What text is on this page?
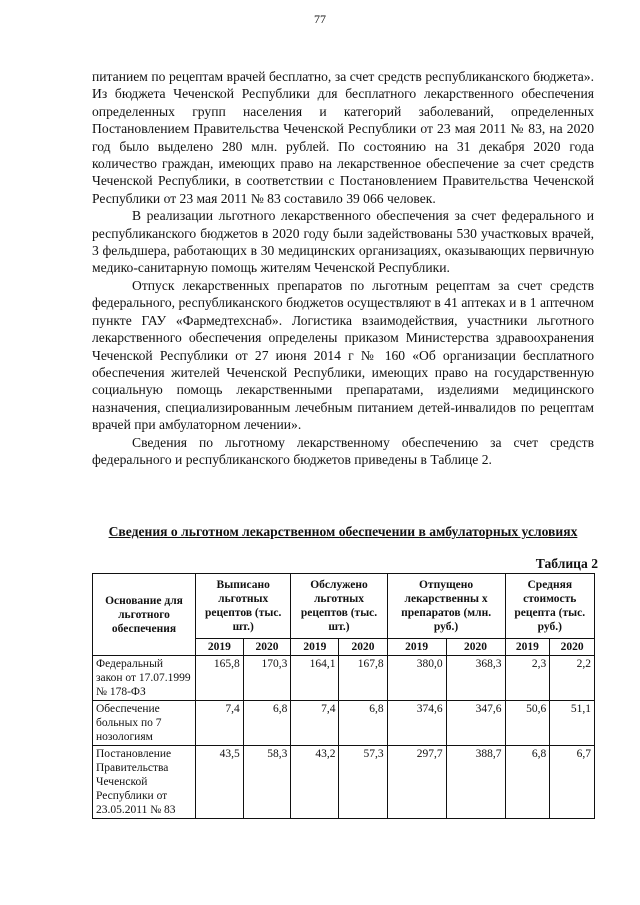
77

питанием по рецептам врачей бесплатно, за счет средств республиканского бюджета». Из бюджета Чеченской Республики для бесплатного лекарственного обеспечения определенных групп населения и категорий заболеваний, определенных Постановлением Правительства Чеченской Республики от 23 мая 2011 № 83, на 2020 год было выделено 280 млн. рублей. По состоянию на 31 декабря 2020 года количество граждан, имеющих право на лекарственное обеспечение за счет средств Чеченской Республики, в соответствии с Постановлением Правительства Чеченской Республики от 23 мая 2011 № 83 составило 39 066 человек.

В реализации льготного лекарственного обеспечения за счет федерального и республиканского бюджетов в 2020 году были задействованы 530 участковых врачей, 3 фельдшера, работающих в 30 медицинских организациях, оказывающих первичную медико-санитарную помощь жителям Чеченской Республики.

Отпуск лекарственных препаратов по льготным рецептам за счет средств федерального, республиканского бюджетов осуществляют в 41 аптеках и в 1 аптечном пункте ГАУ «Фармедтехснаб». Логистика взаимодействия, участники льготного лекарственного обеспечения определены приказом Министерства здравоохранения Чеченской Республики от 27 июня 2014 г № 160 «Об организации бесплатного обеспечения жителей Чеченской Республики, имеющих право на государственную социальную помощь лекарственными препаратами, изделиями медицинского назначения, специализированным лечебным питанием детей-инвалидов по рецептам врачей при амбулаторном лечении».

Сведения по льготному лекарственному обеспечению за счет средств федерального и республиканского бюджетов приведены в Таблице 2.

Сведения о льготном лекарственном обеспечении в амбулаторных условиях
Таблица 2
Основание для льготного обеспечения	Выписано льготных рецептов (тыс. шт.)		Обслужено льготных рецептов (тыс. шт.)		Отпущено лекарственны х препаратов (млн. руб.)		Средняя стоимость рецепта (тыс. руб.)	
	2019	2020	2019	2020	2019	2020	2019	2020
Федеральный закон от 17.07.1999 № 178-ФЗ	165,8	170,3	164,1	167,8	380,0	368,3	2,3	2,2
Обеспечение больных по 7 нозологиям	7,4	6,8	7,4	6,8	374,6	347,6	50,6	51,1
Постановление Правительства Чеченской Республики от 23.05.2011 № 83	43,5	58,3	43,2	57,3	297,7	388,7	6,8	6,7
